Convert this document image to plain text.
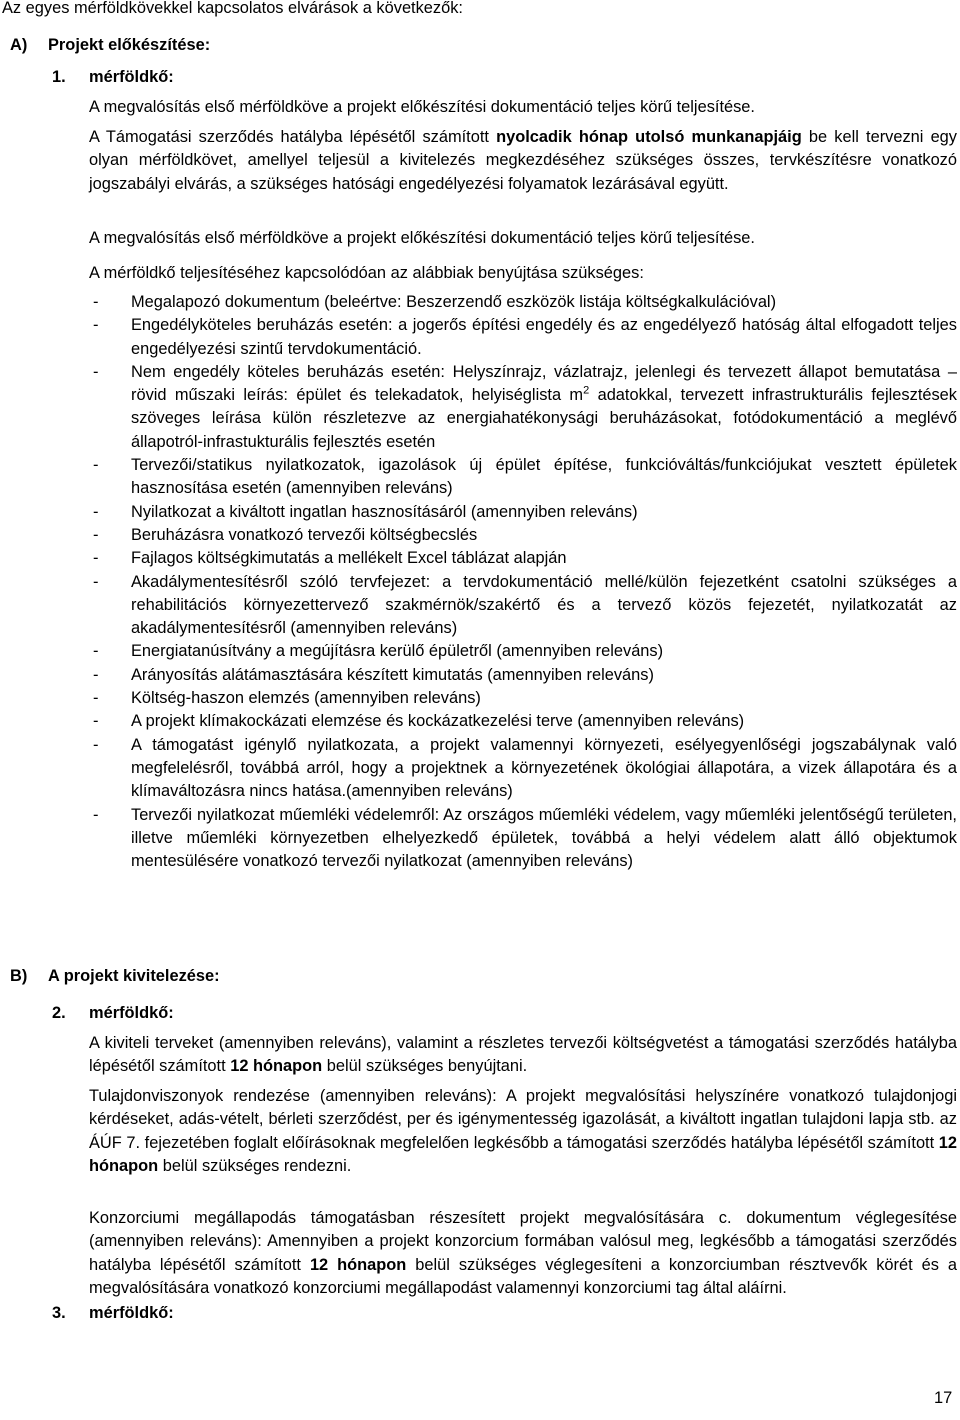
Az egyes mérföldkövekkel kapcsolatos elvárások a következők:
A) Projekt előkészítése:
1. mérföldkő:
A megvalósítás első mérföldköve a projekt előkészítési dokumentáció teljes körű teljesítése.

A Támogatási szerződés hatályba lépésétől számított nyolcadik hónap utolsó munkanapjáig be kell tervezni egy olyan mérföldkövet, amellyel teljesül a kivitelezés megkezdéséhez szükséges összes, tervkészítésre vonatkozó jogszabályi elvárás, a szükséges hatósági engedélyezési folyamatok lezárásával együtt.

A megvalósítás első mérföldköve a projekt előkészítési dokumentáció teljes körű teljesítése.
A mérföldkő teljesítéséhez kapcsolódóan az alábbiak benyújtása szükséges:
- Megalapozó dokumentum (beleértve: Beszerzendő eszközök listája költségkalkulációval)
- Engedélyköteles beruházás esetén: a jogerős építési engedély és az engedélyező hatóság által elfogadott teljes engedélyezési szintű tervdokumentáció.
- Nem engedély köteles beruházás esetén: Helyszínrajz, vázlatrajz, jelenlegi és tervezett állapot bemutatása – rövid műszaki leírás: épület és telekadatok, helyiséglista $m^2$ adatokkal, tervezett infrastrukturális fejlesztések szöveges leírása külön részletezve az energiahatékonysági beruházásokat, fotódokumentáció a meglévő állapotról-infrastukturális fejlesztés esetén
- Tervezői/statikus nyilatkozatok, igazolások új épület építése, funkcióváltás/funkciójukat vesztett épületek hasznosítása esetén (amennyiben releváns)
- Nyilatkozat a kiváltott ingatlan hasznosításáról (amennyiben releváns)
- Beruházásra vonatkozó tervezői költségbecslés
- Fajlagos költségkimutatás a mellékelt Excel táblázat alapján
- Akadálymentesítésről szóló tervfejezet: a tervdokumentáció mellé/külön fejezetként csatolni szükséges a rehabilitációs környezettervező szakmérnök/szakértő és a tervező közös fejezetét, nyilatkozatát az akadálymentesítésről (amennyiben releváns)
- Energiatanúsítvány a megújításra kerülő épületről (amennyiben releváns)
- Arányosítás alátámasztására készített kimutatás (amennyiben releváns)
- Költség-haszon elemzés (amennyiben releváns)
- A projekt klímakockázati elemzése és kockázatkezelési terve (amennyiben releváns)
- A támogatást igénylő nyilatkozata, a projekt valamennyi környezeti, esélyegyenlőségi jogszabálynak való megfelelésről, továbbá arról, hogy a projektnek a környezetének ökológiai állapotára, a vizek állapotára és a klímaváltozásra nincs hatása.(amennyiben releváns)
- Tervezői nyilatkozat műemléki védelemről: Az országos műemléki védelem, vagy műemléki jelentőségű területen, illetve műemléki környezetben elhelyezkedő épületek, továbbá a helyi védelem alatt álló objektumok mentesülésére vonatkozó tervezői nyilatkozat (amennyiben releváns)
B) A projekt kivitelezése:
2. mérföldkő:

A kiviteli terveket (amennyiben releváns), valamint a részletes tervezői költségvetést a támogatási szerződés hatályba lépésétől számított 12 hónapon belül szükséges benyújtani.

Tulajdonviszonyok rendezése (amennyiben releváns): A projekt megvalósítási helyszínére vonatkozó tulajdonjogi kérdéseket, adás-vételt, bérleti szerződést, per és igénymentesség igazolását, a kiváltott ingatlan tulajdoni lapja stb. az ÁÚF 7. fejezetében foglalt előírásoknak megfelelően legkésőbb a támogatási szerződés hatályba lépésétől számított 12 hónapon belül szükséges rendezni.

Konzorciumi megállapodás támogatásban részesített projekt megvalósítására c. dokumentum véglegesítése (amennyiben releváns): Amennyiben a projekt konzorcium formában valósul meg, legkésőbb a támogatási szerződés hatályba lépésétől számított 12 hónapon belül szükséges véglegesíteni a konzorciumban résztvevők körét és a megvalósítására vonatkozó konzorciumi megállapodást valamennyi konzorciumi tag által aláírni.

3. mérföldkő:
17
